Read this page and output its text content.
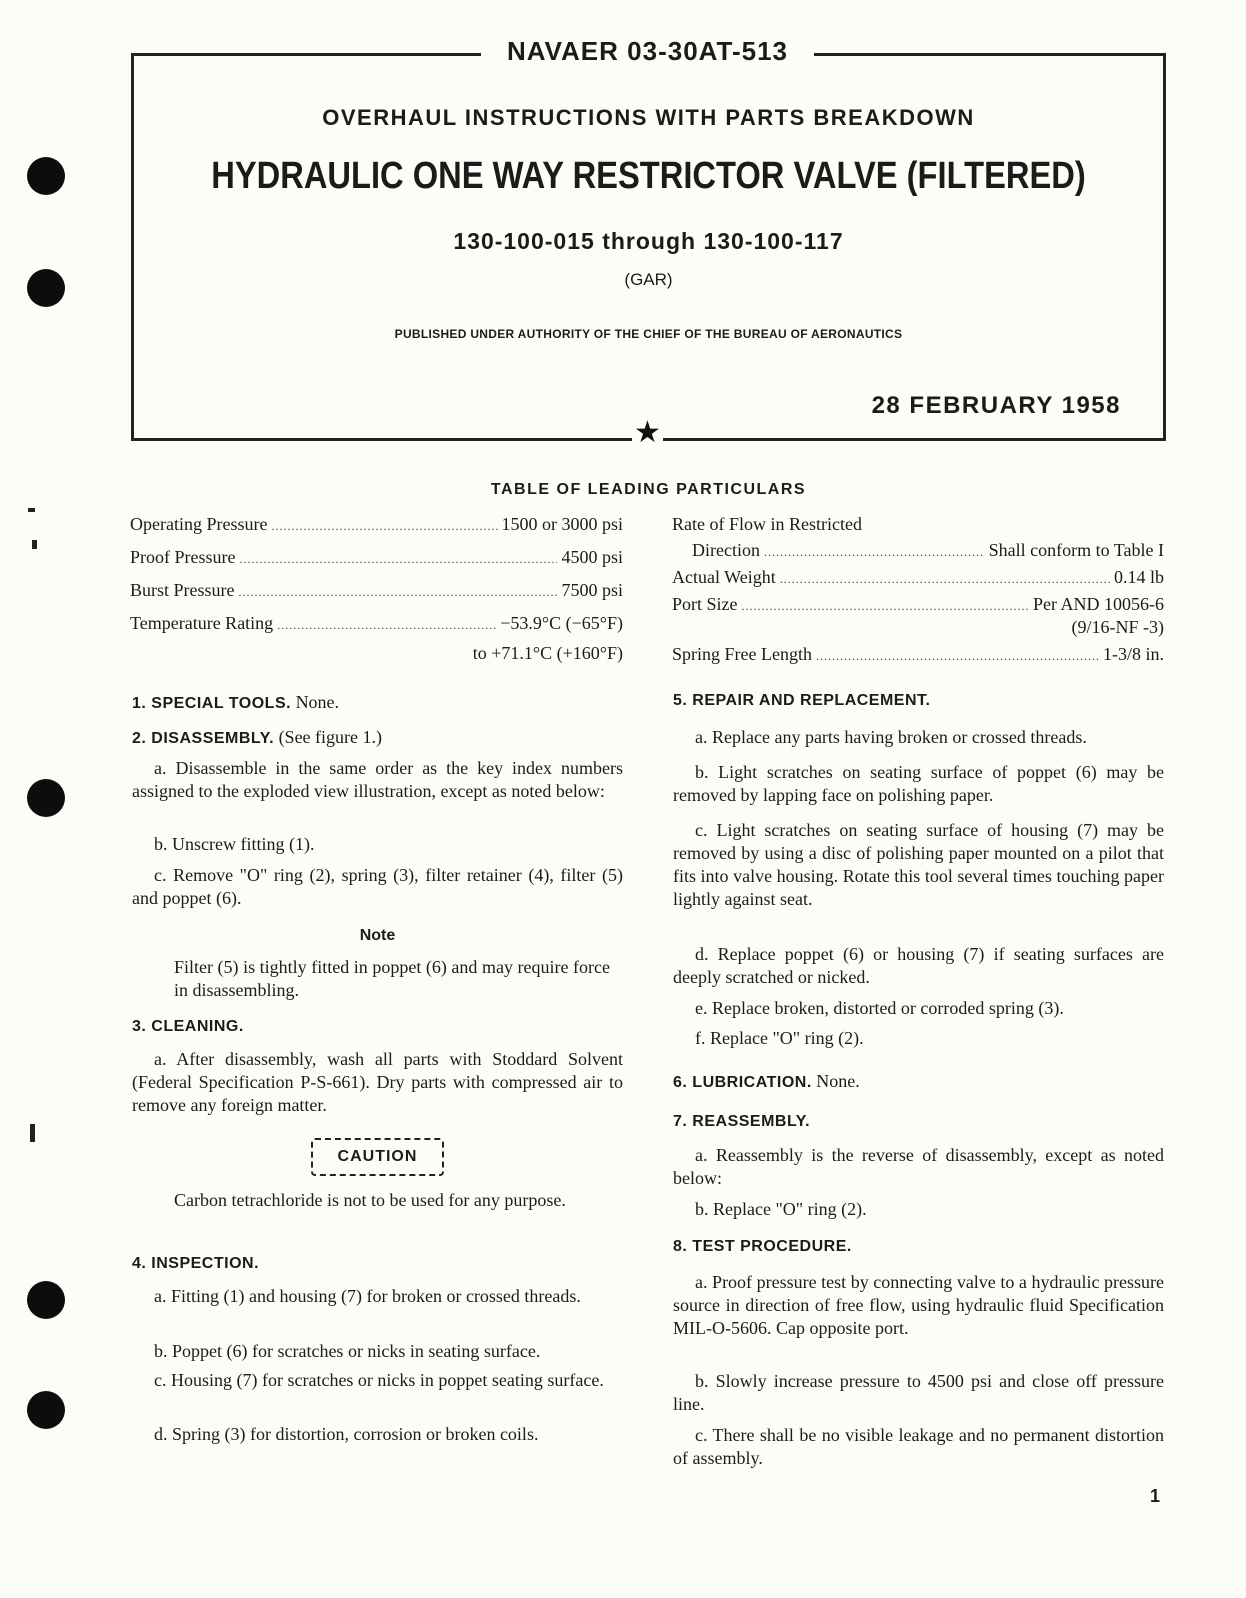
NAVAER 03-30AT-513
OVERHAUL INSTRUCTIONS WITH PARTS BREAKDOWN
HYDRAULIC ONE WAY RESTRICTOR VALVE (FILTERED)
130-100-015 through 130-100-117
(GAR)
PUBLISHED UNDER AUTHORITY OF THE CHIEF OF THE BUREAU OF AERONAUTICS
28 FEBRUARY 1958
★
TABLE OF LEADING PARTICULARS
Operating Pressure .....	1500 or 3000 psi
Proof Pressure .....	4500 psi
Burst Pressure .....	7500 psi
Temperature Rating .....	−53.9°C (−65°F)
to +71.1°C (+160°F)
Rate of Flow in Restricted
Direction .....	Shall conform to Table I
Actual Weight .....	0.14 lb
Port Size .....	Per AND 10056-6
(9/16-NF -3)
Spring Free Length .....	1-3/8 in.
1. SPECIAL TOOLS. None.
2. DISASSEMBLY. (See figure 1.)
a. Disassemble in the same order as the key index numbers assigned to the exploded view illustration, except as noted below:
b. Unscrew fitting (1).
c. Remove "O" ring (2), spring (3), filter retainer (4), filter (5) and poppet (6).
Note
Filter (5) is tightly fitted in poppet (6) and may require force in disassembling.
3. CLEANING.
a. After disassembly, wash all parts with Stoddard Solvent (Federal Specification P-S-661). Dry parts with compressed air to remove any foreign matter.
CAUTION
Carbon tetrachloride is not to be used for any purpose.
4. INSPECTION.
a. Fitting (1) and housing (7) for broken or crossed threads.
b. Poppet (6) for scratches or nicks in seating surface.
c. Housing (7) for scratches or nicks in poppet seating surface.
d. Spring (3) for distortion, corrosion or broken coils.
5. REPAIR AND REPLACEMENT.
a. Replace any parts having broken or crossed threads.
b. Light scratches on seating surface of poppet (6) may be removed by lapping face on polishing paper.
c. Light scratches on seating surface of housing (7) may be removed by using a disc of polishing paper mounted on a pilot that fits into valve housing. Rotate this tool several times touching paper lightly against seat.
d. Replace poppet (6) or housing (7) if seating surfaces are deeply scratched or nicked.
e. Replace broken, distorted or corroded spring (3).
f. Replace "O" ring (2).
6. LUBRICATION. None.
7. REASSEMBLY.
a. Reassembly is the reverse of disassembly, except as noted below:
b. Replace "O" ring (2).
8. TEST PROCEDURE.
a. Proof pressure test by connecting valve to a hydraulic pressure source in direction of free flow, using hydraulic fluid Specification MIL-O-5606. Cap opposite port.
b. Slowly increase pressure to 4500 psi and close off pressure line.
c. There shall be no visible leakage and no permanent distortion of assembly.
1
